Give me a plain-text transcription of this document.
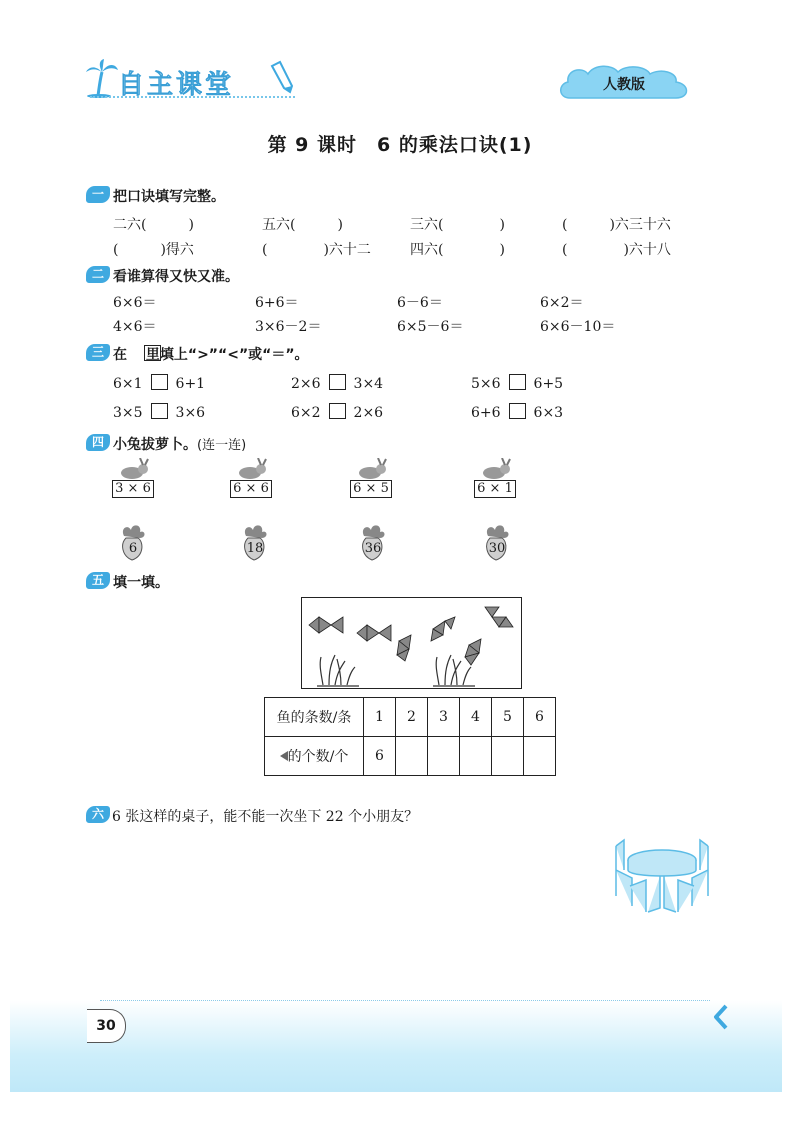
自主课堂	人教版
第 9 课时　6 的乘法口诀(1)
一 把口诀填写完整。
二六(　　　)	五六(　　　)	三六(　　　　)	(　　　)六三十六
(　　　)得六	(　　　　)六十二	四六(　　　　)	(　　　　)六十八
二 看谁算得又快又准。
6×6＝	6+6＝	6－6＝	6×2＝
4×6＝	3×6－2＝	6×5－6＝	6×6－10＝
三 在　 里填上“>”“<”或“＝”。
6×1 6+1	2×6 3×4	5×6 6+5
3×5 3×6	6×2 2×6	6+6 6×3
四 小兔拔萝卜。(连一连)
3 × 6	6 × 6	6 × 5	6 × 1
6	18	36	30
五 填一填。
鱼的条数/条	1	2	3	4	5	6
的个数/个	6					
六 6 张这样的桌子，能不能一次坐下 22 个小朋友？
30
